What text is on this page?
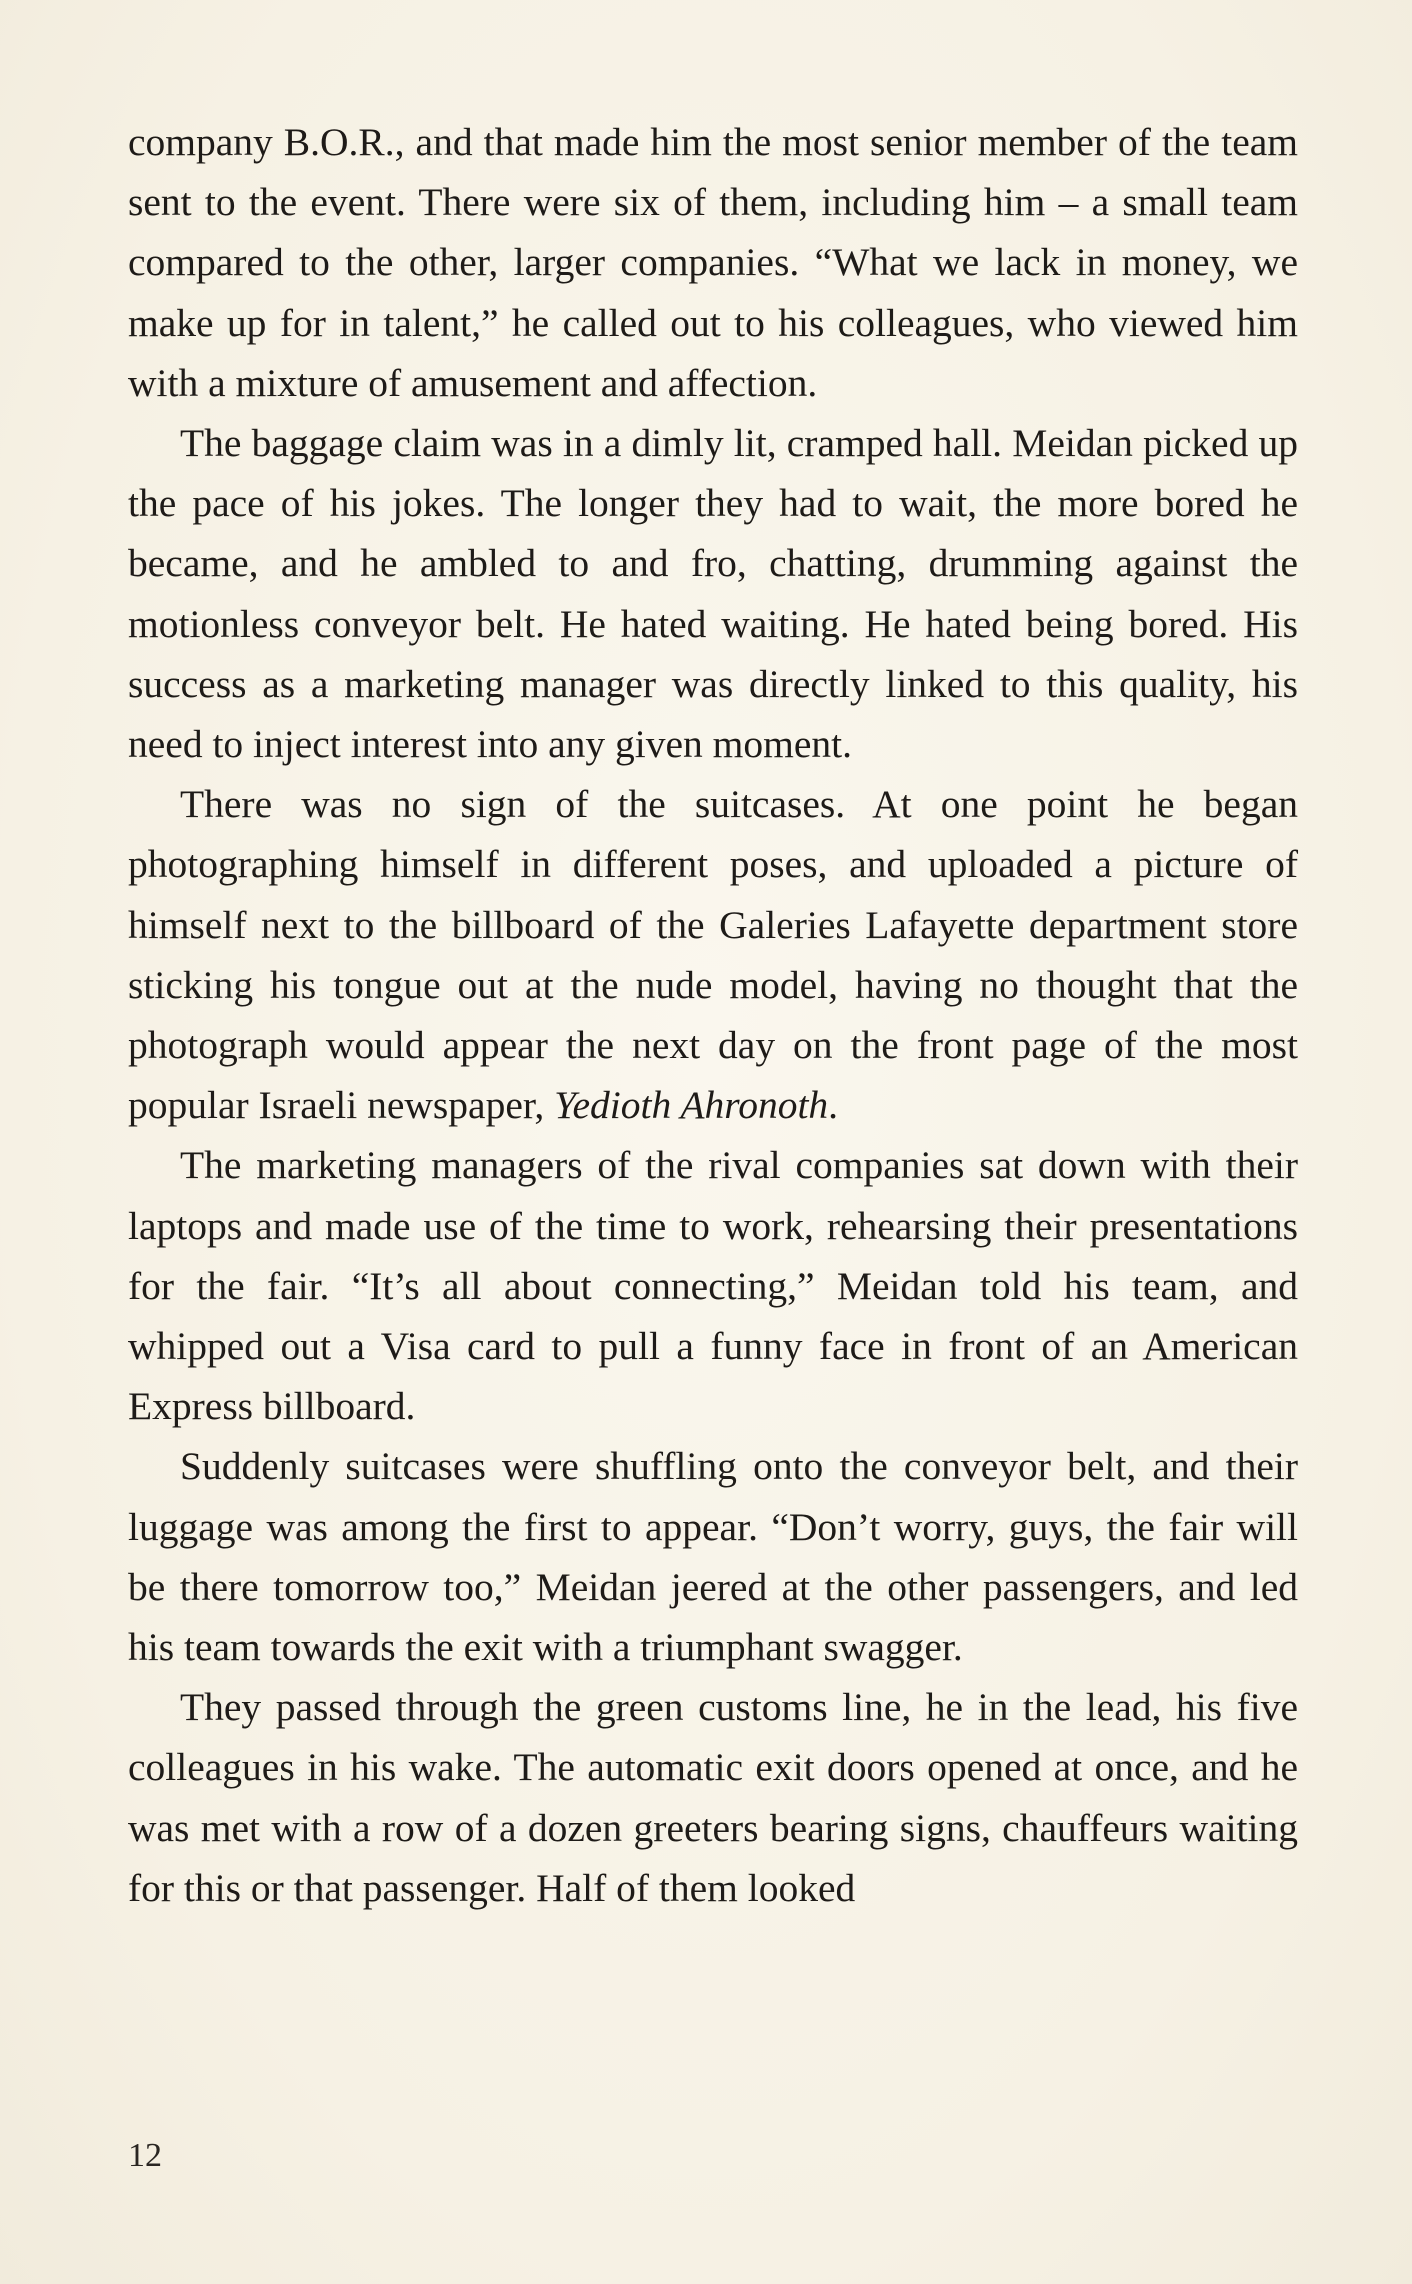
company B.O.R., and that made him the most senior member of the team sent to the event. There were six of them, including him – a small team compared to the other, larger companies. “What we lack in money, we make up for in talent,” he called out to his colleagues, who viewed him with a mixture of amusement and affection.

The baggage claim was in a dimly lit, cramped hall. Meidan picked up the pace of his jokes. The longer they had to wait, the more bored he became, and he ambled to and fro, chatting, drumming against the motionless conveyor belt. He hated waiting. He hated being bored. His success as a marketing manager was directly linked to this quality, his need to inject interest into any given moment.

There was no sign of the suitcases. At one point he began photographing himself in different poses, and uploaded a picture of himself next to the billboard of the Galeries Lafayette department store sticking his tongue out at the nude model, having no thought that the photograph would appear the next day on the front page of the most popular Israeli newspaper, Yedioth Ahronoth.

The marketing managers of the rival companies sat down with their laptops and made use of the time to work, rehearsing their presentations for the fair. “It’s all about connecting,” Meidan told his team, and whipped out a Visa card to pull a funny face in front of an American Express billboard.

Suddenly suitcases were shuffling onto the conveyor belt, and their luggage was among the first to appear. “Don’t worry, guys, the fair will be there tomorrow too,” Meidan jeered at the other passengers, and led his team towards the exit with a triumphant swagger.

They passed through the green customs line, he in the lead, his five colleagues in his wake. The automatic exit doors opened at once, and he was met with a row of a dozen greeters bearing signs, chauffeurs waiting for this or that passenger. Half of them looked

12
